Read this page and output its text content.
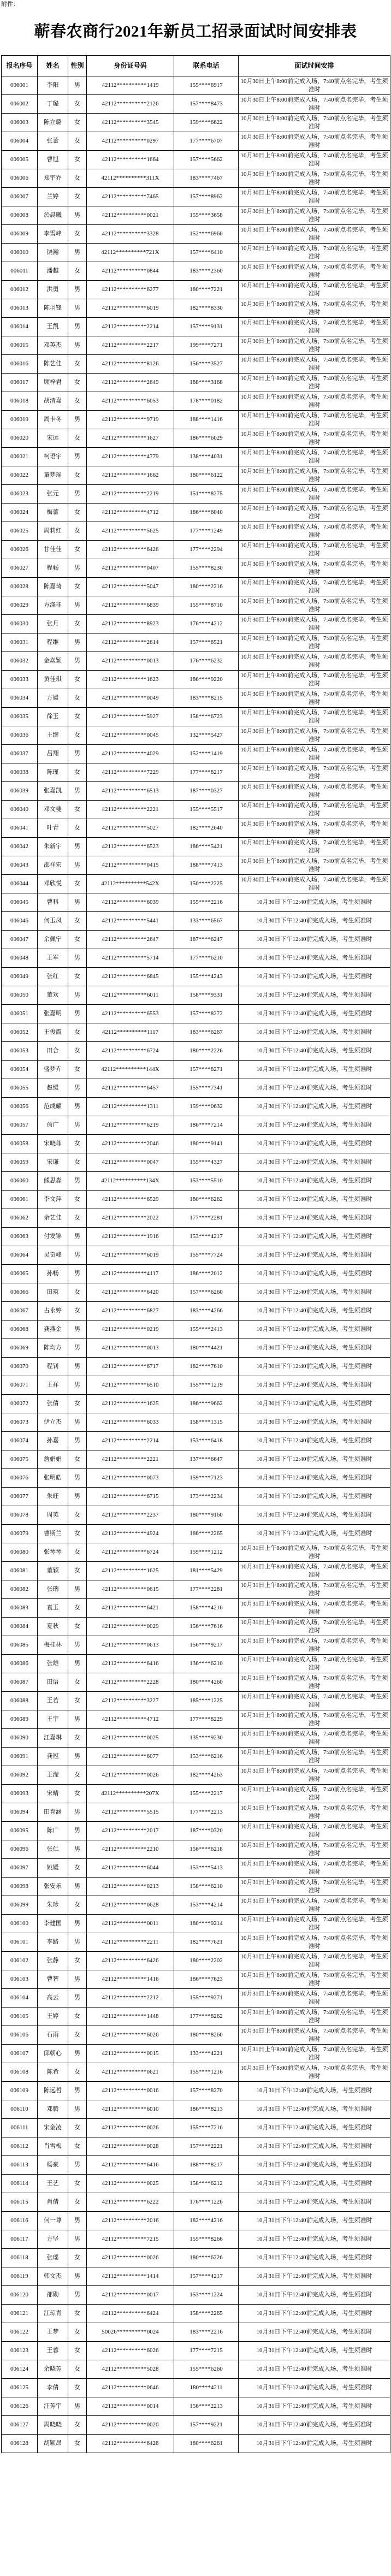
附件：
蕲春农商行2021年新员工招录面试时间安排表
报名序号	姓名	性别	身份证号码	联系电话	面试时间安排
006001	李阳	男	42112**********1419	155****6917	10月30日上午8:00前完成入场，7:40前点名完毕，考生须准时
006002	丁璐	女	42112**********2126	157****8473	10月30日上午8:00前完成入场，7:40前点名完毕，考生须准时
006003	陈立璐	女	42112**********3545	159****6622	10月30日上午8:00前完成入场，7:40前点名完毕，考生须准时
006004	张蕾	女	42112**********0297	177****6707	10月30日上午8:00前完成入场，7:40前点名完毕，考生须准时
006005	曹旭	女	42112**********1664	157****5662	10月30日上午8:00前完成入场，7:40前点名完毕，考生须准时
006006	郑宇乔	女	42112**********311X	183****7467	10月30日上午8:00前完成入场，7:40前点名完毕，考生须准时
006007	兰婷	女	42112**********7465	157****8962	10月30日上午8:00前完成入场，7:40前点名完毕，考生须准时
006008	於晨曦	男	42112**********0021	155****3658	10月30日上午8:00前完成入场，7:40前点名完毕，考生须准时
006009	李雪峰	女	42112**********3328	152****6960	10月30日上午8:00前完成入场，7:40前点名完毕，考生须准时
006010	饶瀚	男	42112**********721X	157****6410	10月30日上午8:00前完成入场，7:40前点名完毕，考生须准时
006011	潘越	女	42112**********0844	183****2360	10月30日上午8:00前完成入场，7:40前点名完毕，考生须准时
006012	洪勇	男	42112**********6277	180****7221	10月30日上午8:00前完成入场，7:40前点名完毕，考生须准时
006013	陈羽锋	男	42112**********6019	182****8330	10月30日上午8:00前完成入场，7:40前点名完毕，考生须准时
006014	王凯	男	42112**********2214	157****9131	10月30日上午8:00前完成入场，7:40前点名完毕，考生须准时
006015	邓英杰	男	42112**********2217	199****7271	10月30日上午8:00前完成入场，7:40前点名完毕，考生须准时
006016	陈艺佳	女	42112**********8126	156****3527	10月30日上午8:00前完成入场，7:40前点名完毕，考生须准时
006017	顾梓君	女	42112**********2649	188****3168	10月30日上午8:00前完成入场，7:40前点名完毕，考生须准时
006018	胡清嘉	女	42112**********6053	178****0182	10月30日上午8:00前完成入场，7:40前点名完毕，考生须准时
006019	周卡冬	男	42112**********9719	188****1416	10月30日上午8:00前完成入场，7:40前点名完毕，考生须准时
006020	宋远	女	42112**********1627	186****6029	10月30日上午8:00前完成入场，7:40前点名完毕，考生须准时
006021	柯语宇	男	42112**********4779	138****4031	10月30日上午8:00前完成入场，7:40前点名完毕，考生须准时
006022	童梦瑶	女	42112**********1662	180****6122	10月30日上午8:00前完成入场，7:40前点名完毕，考生须准时
006023	张元	男	42112**********2219	151****8275	10月30日上午8:00前完成入场，7:40前点名完毕，考生须准时
006024	梅蕾	女	42112**********4712	186****6040	10月30日上午8:00前完成入场，7:40前点名完毕，考生须准时
006025	周莉红	女	42112**********5625	177****1249	10月30日上午8:00前完成入场，7:40前点名完毕，考生须准时
006026	甘佳佳	女	42112**********6426	177****2294	10月30日上午8:00前完成入场，7:40前点名完毕，考生须准时
006027	程畅	男	42112**********0407	155****8230	10月30日上午8:00前完成入场，7:40前点名完毕，考生须准时
006028	陈嘉琦	女	42112**********5047	180****2216	10月30日上午8:00前完成入场，7:40前点名完毕，考生须准时
006029	方涤非	男	42112**********6839	155****8710	10月30日上午8:00前完成入场，7:40前点名完毕，考生须准时
006030	张月	女	42112**********8923	176****4212	10月30日上午8:00前完成入场，7:40前点名完毕，考生须准时
006031	程维	男	42112**********2614	157****8521	10月30日上午8:00前完成入场，7:40前点名完毕，考生须准时
006032	金焱颖	男	42112**********0013	176****6232	10月30日上午8:00前完成入场，7:40前点名完毕，考生须准时
006033	黄佳琪	女	42112**********1623	186****9220	10月30日上午8:00前完成入场，7:40前点名完毕，考生须准时
006034	方媛	女	42112**********0049	183****8215	10月30日上午8:00前完成入场，7:40前点名完毕，考生须准时
006035	徐玉	女	42112**********5927	158****6723	10月30日上午8:00前完成入场，7:40前点名完毕，考生须准时
006036	王缪	女	42112**********0045	132****5427	10月30日上午8:00前完成入场，7:40前点名完毕，考生须准时
006037	吕翔	男	42112**********4029	152****1419	10月30日上午8:00前完成入场，7:40前点名完毕，考生须准时
006038	陈瑾	女	42112**********7229	177****8217	10月30日上午8:00前完成入场，7:40前点名完毕，考生须准时
006039	张嘉凯	男	42112**********6513	187****0327	10月30日上午8:00前完成入场，7:40前点名完毕，考生须准时
006040	邓文斐	女	42112**********2221	155****5517	10月30日上午8:00前完成入场，7:40前点名完毕，考生须准时
006041	叶青	女	42112**********5027	182****2640	10月30日上午8:00前完成入场，7:40前点名完毕，考生须准时
006042	朱新宇	男	42112**********6523	186****5421	10月30日上午8:00前完成入场，7:40前点名完毕，考生须准时
006043	邵祥宏	男	42112**********0415	188****7413	10月30日上午8:00前完成入场，7:40前点名完毕，考生须准时
006044	邓欣悦	女	42112**********542X	150****2225	10月30日上午8:00前完成入场，7:40前点名完毕，考生须准时
006045	曹科	男	42112**********6039	155****2216	10月30日下午12:40前完成入场，考生须准时
006046	何玉凤	女	42112**********5441	133****6567	10月30日下午12:40前完成入场，考生须准时
006047	余佩宁	女	42112**********2647	187****6247	10月30日下午12:40前完成入场，考生须准时
006048	王军	男	42112**********5714	177****6210	10月30日下午12:40前完成入场，考生须准时
006049	张红	女	42112**********6845	155****4243	10月30日下午12:40前完成入场，考生须准时
006050	董欢	男	42112**********6011	158****9331	10月30日下午12:40前完成入场，考生须准时
006051	张嘉明	男	42112**********6553	157****8272	10月30日下午12:40前完成入场，考生须准时
006052	王俊霞	女	42112**********1117	183****6267	10月30日下午12:40前完成入场，考生须准时
006053	田合	女	42112**********6724	180****2226	10月30日下午12:40前完成入场，考生须准时
006054	盛梦卉	女	42112**********144X	157****8271	10月30日下午12:40前完成入场，考生须准时
006055	赵缓	男	42112**********6457	155****7341	10月30日下午12:40前完成入场，考生须准时
006056	范成耀	男	42112**********1311	159****0632	10月30日下午12:40前完成入场，考生须准时
006057	詹广	男	42112**********6219	186****7214	10月30日下午12:40前完成入场，考生须准时
006058	宋晓菲	女	42112**********2046	180****9141	10月30日下午12:40前完成入场，考生须准时
006059	宋谦	女	42112**********0047	155****4327	10月30日下午12:40前完成入场，考生须准时
006060	熊思淼	男	42112**********134X	153****5510	10月30日下午12:40前完成入场，考生须准时
006061	李文萍	女	42112**********6529	180****6262	10月30日下午12:40前完成入场，考生须准时
006062	余艺佳	女	42112**********2022	177****2281	10月30日下午12:40前完成入场，考生须准时
006063	付发锦	男	42112**********1916	153****4217	10月30日下午12:40前完成入场，考生须准时
006064	吴奇峰	男	42112**********6019	155****7724	10月30日下午12:40前完成入场，考生须准时
006065	孙畅	男	42112**********4117	186****2012	10月30日下午12:40前完成入场，考生须准时
006066	田筑	女	42112**********6420	157****6260	10月30日下午12:40前完成入场，考生须准时
006067	占永婷	女	42112**********6827	183****4266	10月30日下午12:40前完成入场，考生须准时
006068	龚燕金	男	42112**********0219	155****2413	10月30日下午12:40前完成入场，考生须准时
006069	陈均方	男	42112**********0013	180****4421	10月30日下午12:40前完成入场，考生须准时
006070	程钊	男	42112**********6717	182****7610	10月30日下午12:40前完成入场，考生须准时
006071	王祥	男	42112**********6510	155****1219	10月30日下午12:40前完成入场，考生须准时
006072	张倩	女	42112**********1625	186****9662	10月30日下午12:40前完成入场，考生须准时
006073	伊立杰	男	42112**********6033	158****1315	10月30日下午12:40前完成入场，考生须准时
006074	孙嘉	男	42112**********2214	153****6418	10月30日下午12:40前完成入场，考生须准时
006075	詹娟娟	女	42112**********2221	137****6647	10月30日下午12:40前完成入场，考生须准时
006076	张明皓	男	42112**********0073	159****7123	10月30日下午12:40前完成入场，考生须准时
006077	朱旺	男	42112**********6715	173****2234	10月30日下午12:40前完成入场，考生须准时
006078	周英	女	42112**********2237	180****9160	10月30日下午12:40前完成入场，考生须准时
006079	曹斯兰	女	42112**********4924	186****2265	10月30日下午12:40前完成入场，考生须准时
006080	张琴琴	女	42112**********6724	159****1212	10月31日上午8:00前完成入场，7:40前点名完毕，考生须准时
006081	董颖	女	42112**********1625	181****5429	10月31日上午8:00前完成入场，7:40前点名完毕，考生须准时
006082	张瑞	男	42112**********0615	177****2281	10月31日上午8:00前完成入场，7:40前点名完毕，考生须准时
006083	袁玉	女	42112**********6421	158****4216	10月31日上午8:00前完成入场，7:40前点名完毕，考生须准时
006084	夏秋	女	42112**********0029	156****7616	10月31日上午8:00前完成入场，7:40前点名完毕，考生须准时
006085	梅桂林	男	42112**********0613	156****9217	10月31日上午8:00前完成入场，7:40前点名完毕，考生须准时
006086	张雄	男	42112**********6416	136****6210	10月31日上午8:00前完成入场，7:40前点名完毕，考生须准时
006087	田语	女	42112**********2228	180****4260	10月31日上午8:00前完成入场，7:40前点名完毕，考生须准时
006088	王若	女	42112**********3227	185****1225	10月31日上午8:00前完成入场，7:40前点名完毕，考生须准时
006089	王宇	男	42112**********4712	177****8229	10月31日上午8:00前完成入场，7:40前点名完毕，考生须准时
006090	江嘉琳	女	42112**********0025	135****9230	10月31日上午8:00前完成入场，7:40前点名完毕，考生须准时
006091	龚冠	男	42112**********6077	153****6216	10月31日上午8:00前完成入场，7:40前点名完毕，考生须准时
006092	王滢	女	42112**********0026	182****4263	10月31日上午8:00前完成入场，7:40前点名完毕，考生须准时
006093	宋晴	女	42112**********207X	155****2217	10月31日上午8:00前完成入场，7:40前点名完毕，考生须准时
006094	田育涵	男	42112**********5515	177****2213	10月31日上午8:00前完成入场，7:40前点名完毕，考生须准时
006095	陈广	男	42112**********2017	187****0320	10月31日上午8:00前完成入场，7:40前点名完毕，考生须准时
006096	张仁	男	42112**********2210	156****6218	10月31日上午8:00前完成入场，7:40前点名完毕，考生须准时
006097	姚媛	女	42112**********6044	153****5413	10月31日上午8:00前完成入场，7:40前点名完毕，考生须准时
006098	张安乐	男	42112**********0213	158****6210	10月31日上午8:00前完成入场，7:40前点名完毕，考生须准时
006099	朱珍	女	42112**********0628	153****4214	10月31日上午8:00前完成入场，7:40前点名完毕，考生须准时
006100	李建国	男	42112**********0011	180****9214	10月31日上午8:00前完成入场，7:40前点名完毕，考生须准时
006101	李路	男	42112**********2211	182****7621	10月31日上午8:00前完成入场，7:40前点名完毕，考生须准时
006102	张静	女	42112**********6426	180****2202	10月31日上午8:00前完成入场，7:40前点名完毕，考生须准时
006103	曹智	男	42112**********1416	186****7623	10月31日上午8:00前完成入场，7:40前点名完毕，考生须准时
006104	高云	男	42112**********2212	155****9271	10月31日上午8:00前完成入场，7:40前点名完毕，考生须准时
006105	王婷	女	42112**********1448	177****8262	10月31日上午8:00前完成入场，7:40前点名完毕，考生须准时
006106	石雨	女	42112**********6026	180****8260	10月31日上午8:00前完成入场，7:40前点名完毕，考生须准时
006107	邱朝心	男	42112**********0015	133****4221	10月31日上午8:00前完成入场，7:40前点名完毕，考生须准时
006108	陈希	女	42112**********0621	155****1216	10月31日上午8:00前完成入场，7:40前点名完毕，考生须准时
006109	陈远哲	男	42112**********0016	157****8270	10月31日下午12:40前完成入场，考生须准时
006110	邓腾	男	42112**********6010	186****8213	10月31日下午12:40前完成入场，考生须准时
006111	宋金凌	女	42112**********0026	155****7216	10月31日下午12:40前完成入场，考生须准时
006112	肖雪梅	女	42112**********0028	157****2221	10月31日下午12:40前完成入场，考生须准时
006113	杨豪	男	42112**********6416	188****8217	10月31日下午12:40前完成入场，考生须准时
006114	王艺	女	42112**********0025	158****6212	10月31日下午12:40前完成入场，考生须准时
006115	肖倩	女	42112**********6222	176****1226	10月31日下午12:40前完成入场，考生须准时
006116	何一尊	男	42112**********2016	182****4216	10月31日下午12:40前完成入场，考生须准时
006117	方坚	男	42112**********7215	155****8266	10月31日下午12:40前完成入场，考生须准时
006118	张瑶	女	42112**********0026	180****6226	10月31日下午12:40前完成入场，考生须准时
006119	韩文杰	男	42112**********1414	157****4217	10月31日下午12:40前完成入场，考生须准时
006120	邵勋	男	42112**********0017	153****1224	10月31日下午12:40前完成入场，考生须准时
006121	江琼青	女	42112**********6424	158****2265	10月31日下午12:40前完成入场，考生须准时
006122	王梦	女	50026**********0024	183****2216	10月31日下午12:40前完成入场，考生须准时
006123	王蓉	女	42112**********6026	177****7215	10月31日下午12:40前完成入场，考生须准时
006124	余晓芳	女	42112**********5028	155****6260	10月31日下午12:40前完成入场，考生须准时
006125	李倩	女	42112**********0646	180****4211	10月31日下午12:40前完成入场，考生须准时
006126	汪芳宇	男	42112**********0014	156****2213	10月31日下午12:40前完成入场，考生须准时
006127	周晓晓	女	42112**********0020	157****9221	10月31日下午12:40前完成入场，考生须准时
006128	胡颖昂	女	42112**********6426	180****6261	10月31日下午12:40前完成入场，考生须准时
